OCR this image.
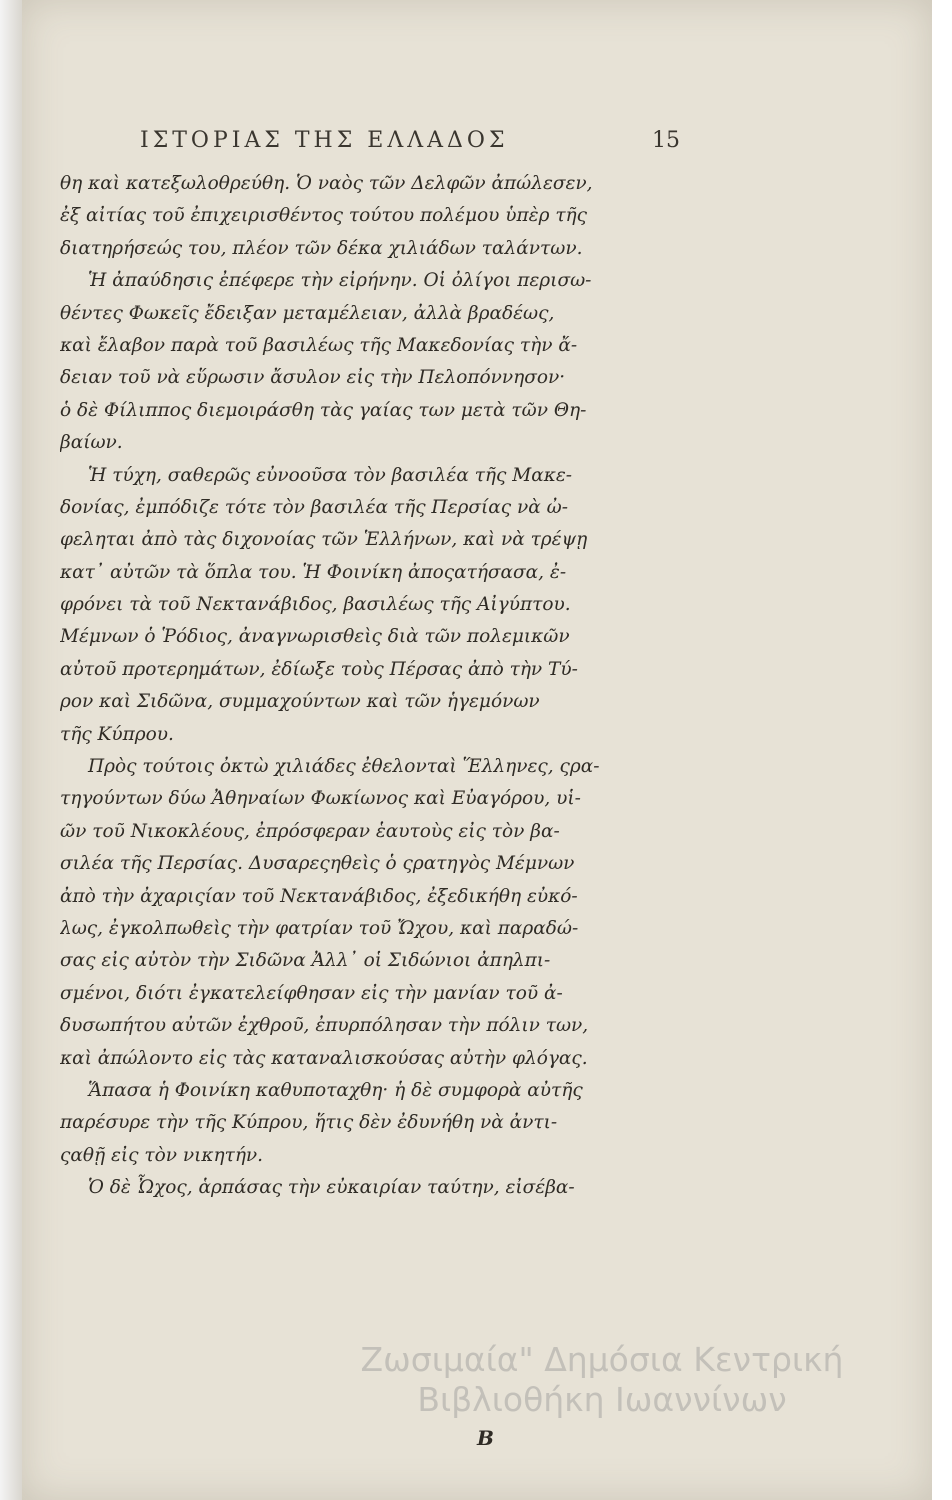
ΙΣΤΟΡΙΑΣ ΤΗΣ ΕΛΛΑΔΟΣ	15
θη καὶ κατεξωλοθρεύθη. Ὁ ναὸς τῶν Δελφῶν ἀπώλεσεν,
ἐξ αἰτίας τοῦ ἐπιχειρισθέντος τούτου πολέμου ὑπὲρ τῆς
διατηρήσεώς του, πλέον τῶν δέκα χιλιάδων ταλάντων.
Ἡ ἀπαύδησις ἐπέφερε τὴν εἰρήνην. Οἱ ὀλίγοι περισω-
θέντες Φωκεῖς ἔδειξαν μεταμέλειαν, ἀλλὰ βραδέως,
καὶ ἔλαβον παρὰ τοῦ βασιλέως τῆς Μακεδονίας τὴν ἄ-
δειαν τοῦ νὰ εὕρωσιν ἄσυλον εἰς τὴν Πελοπόννησον·
ὁ δὲ Φίλιππος διεμοιράσθη τὰς γαίας των μετὰ τῶν Θη-
βαίων.
Ἡ τύχη, σαθερῶς εὐνοοῦσα τὸν βασιλέα τῆς Μακε-
δονίας, ἐμπόδιζε τότε τὸν βασιλέα τῆς Περσίας νὰ ὠ-
φεληται ἀπὸ τὰς διχονοίας τῶν Ἑλλήνων, καὶ νὰ τρέψῃ
κατ᾽ αὐτῶν τὰ ὅπλα του. Ἡ Φοινίκη ἀποςατήσασα, ἐ-
φρόνει τὰ τοῦ Νεκτανάβιδος, βασιλέως τῆς Αἰγύπτου.
Μέμνων ὁ Ῥόδιος, ἀναγνωρισθεὶς διὰ τῶν πολεμικῶν
αὐτοῦ προτερημάτων, ἐδίωξε τοὺς Πέρσας ἀπὸ τὴν Τύ-
ρον καὶ Σιδῶνα, συμμαχούντων καὶ τῶν ἡγεμόνων
τῆς Κύπρου.
Πρὸς τούτοις ὀκτὼ χιλιάδες ἐθελονταὶ Ἕλληνες, ςρα-
τηγούντων δύω Ἀθηναίων Φωκίωνος καὶ Εὐαγόρου, υἱ-
ῶν τοῦ Νικοκλέους, ἐπρόσφεραν ἑαυτοὺς εἰς τὸν βα-
σιλέα τῆς Περσίας. Δυσαρεςηθεὶς ὁ ςρατηγὸς Μέμνων
ἀπὸ τὴν ἀχαριςίαν τοῦ Νεκτανάβιδος, ἐξεδικήθη εὐκό-
λως, ἐγκολπωθεὶς τὴν φατρίαν τοῦ Ὤχου, καὶ παραδώ-
σας εἰς αὐτὸν τὴν Σιδῶνα Ἀλλ᾽ οἱ Σιδώνιοι ἀπηλπι-
σμένοι, διότι ἐγκατελείφθησαν εἰς τὴν μανίαν τοῦ ἀ-
δυσωπήτου αὐτῶν ἐχθροῦ, ἐπυρπόλησαν τὴν πόλιν των,
καὶ ἀπώλοντο εἰς τὰς καταναλισκούσας αὐτὴν φλόγας.
Ἅπασα ἡ Φοινίκη καθυποταχθη· ἡ δὲ συμφορὰ αὐτῆς
παρέσυρε τὴν τῆς Κύπρου, ἥτις δὲν ἐδυνήθη νὰ ἀντι-
ςαθῇ εἰς τὸν νικητήν.
Ὁ δὲ Ὦχος, ἁρπάσας τὴν εὐκαιρίαν ταύτην, εἰσέβα-
B
Ζωσιμαία" Δημόσια Κεντρική
Βιβλιοθήκη Ιωαννίνων
